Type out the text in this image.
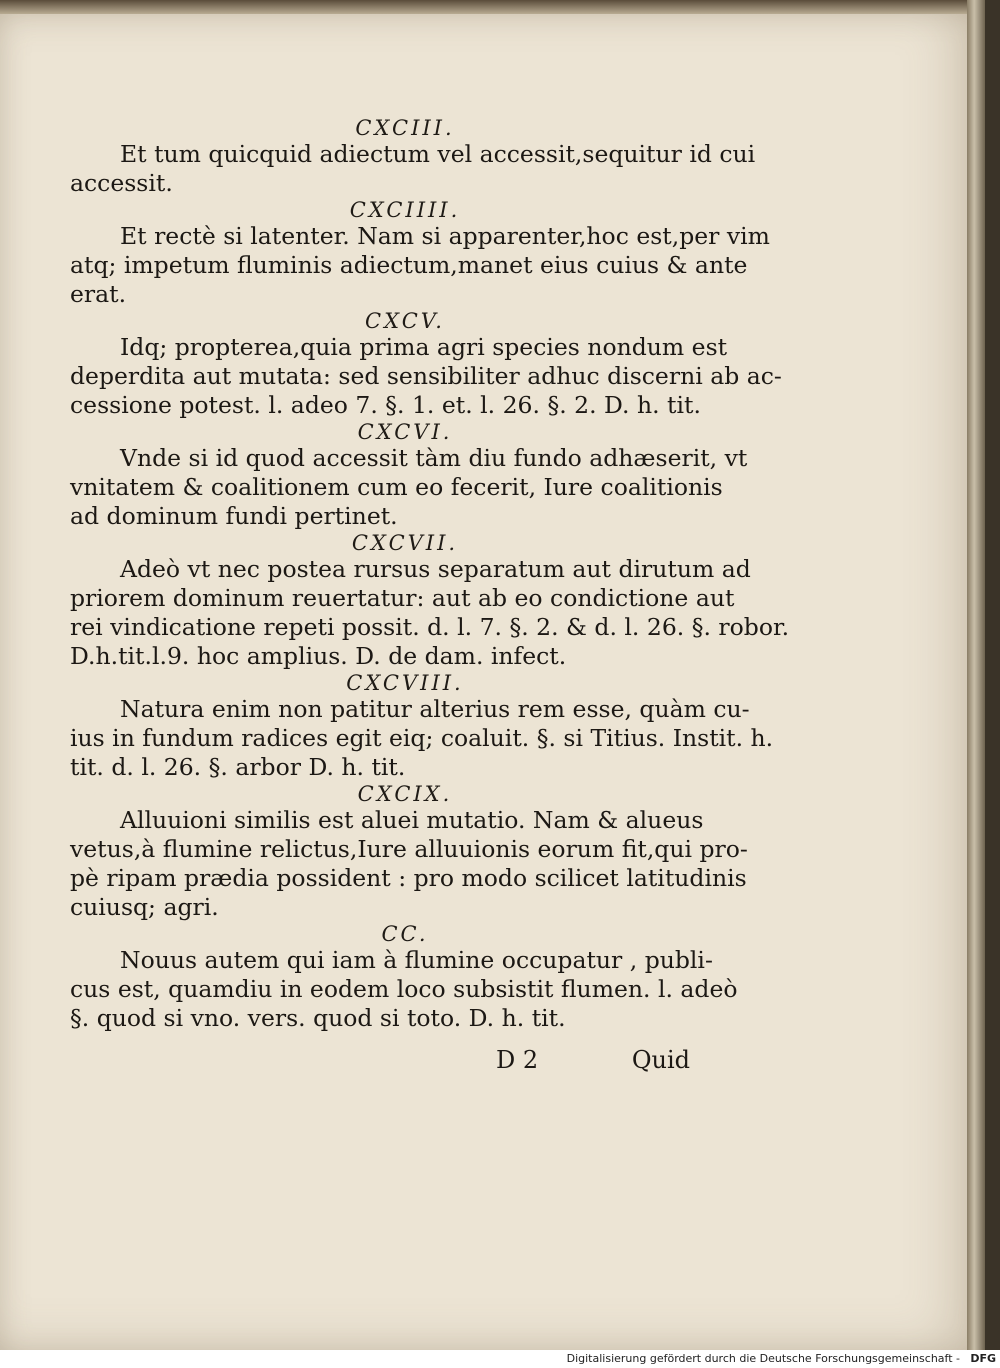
CXCIII.
Et tum quicquid adiectum vel accessit,sequitur id cui
accessit.
CXCIIII.
Et rectè si latenter. Nam si apparenter,hoc est,per vim
atq; impetum fluminis adiectum,manet eius cuius & ante
erat.
CXCV.
Idq; propterea,quia prima agri species nondum est
deperdita aut mutata: sed sensibiliter adhuc discerni ab ac-
cessione potest. l. adeo 7. §. 1. et. l. 26. §. 2. D. h. tit.
CXCVI.
Vnde si id quod accessit tàm diu fundo adhæserit, vt
vnitatem & coalitionem cum eo fecerit, Iure coalitionis
ad dominum fundi pertinet.
CXCVII.
Adeò vt nec postea rursus separatum aut dirutum ad
priorem dominum reuertatur: aut ab eo condictione aut
rei vindicatione repeti possit. d. l. 7. §. 2. & d. l. 26. §. robor.
D.h.tit.l.9. hoc amplius. D. de dam. infect.
CXCVIII.
Natura enim non patitur alterius rem esse, quàm cu-
ius in fundum radices egit eiq; coaluit. §. si Titius. Instit. h.
tit. d. l. 26. §. arbor D. h. tit.
CXCIX.
Alluuioni similis est aluei mutatio. Nam & alueus
vetus,à flumine relictus,Iure alluuionis eorum fit,qui pro-
pè ripam prædia possident : pro modo scilicet latitudinis
cuiusq; agri.
CC.
Nouus autem qui iam à flumine occupatur , publi-
cus est, quamdiu in eodem loco subsistit flumen. l. adeò
§. quod si vno. vers. quod si toto. D. h. tit.
D 2	Quid
Digitalisierung gefördert durch die Deutsche Forschungsgemeinschaft - DFG
